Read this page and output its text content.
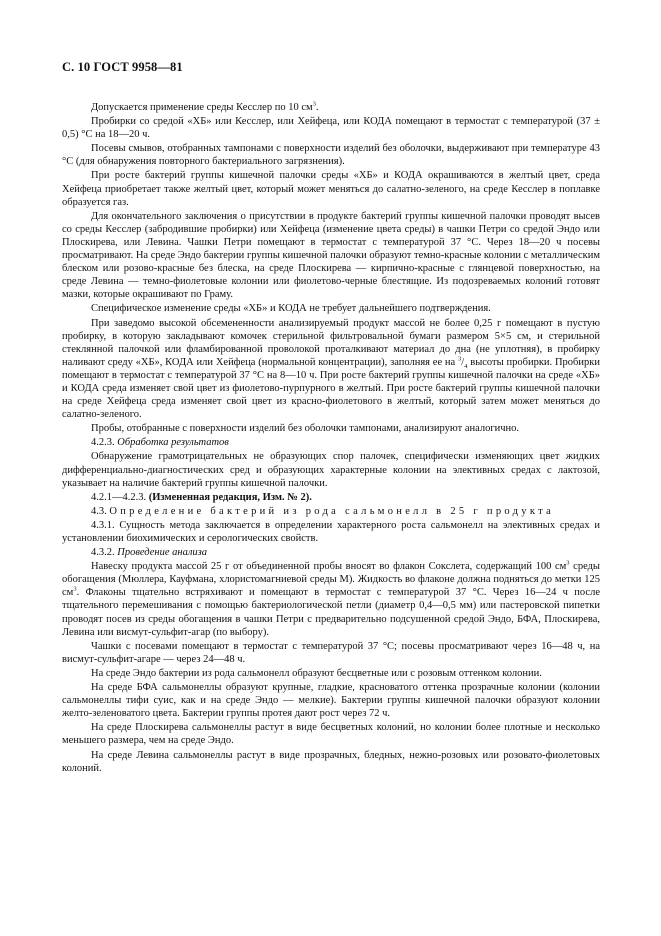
С. 10 ГОСТ 9958—81

Допускается применение среды Кесслер по 10 $см^3$.

Пробирки со средой «ХБ» или Кесслер, или Хейфеца, или КОДА помещают в термостат с температурой (37 ± 0,5) °С на 18—20 ч.

Посевы смывов, отобранных тампонами с поверхности изделий без оболочки, выдерживают при температуре 43 °С (для обнаружения повторного бактериального загрязнения).

При росте бактерий группы кишечной палочки среды «ХБ» и КОДА окрашиваются в желтый цвет, среда Хейфеца приобретает также желтый цвет, который может меняться до салатно-зеленого, на среде Кесслер в поплавке образуется газ.

Для окончательного заключения о присутствии в продукте бактерий группы кишечной палочки проводят высев со среды Кесслер (забродившие пробирки) или Хейфеца (изменение цвета среды) в чашки Петри со средой Эндо или Плоскирева, или Левина. Чашки Петри помещают в термостат с температурой 37 °С. Через 18—20 ч посевы просматривают. На среде Эндо бактерии группы кишечной палочки образуют темно-красные колонии с металлическим блеском или розово-красные без блеска, на среде Плоскирева — кирпично-красные с глянцевой поверхностью, на среде Левина — темно-фиолетовые колонии или фиолетово-черные блестящие. Из подозреваемых колоний готовят мазки, которые окрашивают по Граму.

Специфическое изменение среды «ХБ» и КОДА не требует дальнейшего подтверждения.

При заведомо высокой обсемененности анализируемый продукт массой не более 0,25 г помещают в пустую пробирку, в которую закладывают комочек стерильной фильтровальной бумаги размером 5×5 см, и стерильной стеклянной палочкой или фламбированной проволокой проталкивают материал до дна (не уплотняя), в пробирку наливают среду «ХБ», КОДА или Хейфеца (нормальной концентрации), заполняя ее на $^3/_4$ высоты пробирки. Пробирки помещают в термостат с температурой 37 °С на 8—10 ч. При росте бактерий группы кишечной палочки на среде «ХБ» и КОДА среда изменяет свой цвет из фиолетово-пурпурного в желтый. При росте бактерий группы кишечной палочки на среде Хейфеца среда изменяет свой цвет из красно-фиолетового в желтый, который затем может меняться до салатно-зеленого.

Пробы, отобранные с поверхности изделий без оболочки тампонами, анализируют аналогично.

4.2.3. Обработка результатов

Обнаружение грамотрицательных не образующих спор палочек, специфически изменяющих цвет жидких дифференциально-диагностических сред и образующих характерные колонии на элективных средах с лактозой, указывает на наличие бактерий группы кишечной палочки.

4.2.1—4.2.3. (Измененная редакция, Изм. № 2).

4.3. Определение бактерий из рода сальмонелл в 25 г продукта

4.3.1. Сущность метода заключается в определении характерного роста сальмонелл на элективных средах и установлении биохимических и серологических свойств.

4.3.2. Проведение анализа

Навеску продукта массой 25 г от объединенной пробы вносят во флакон Сокслета, содержащий 100 $см^3$ среды обогащения (Мюллера, Кауфмана, хлористомагниевой среды М). Жидкость во флаконе должна подняться до метки 125 $см^3$. Флаконы тщательно встряхивают и помещают в термостат с температурой 37 °С. Через 16—24 ч после тщательного перемешивания с помощью бактериологической петли (диаметр 0,4—0,5 мм) или пастеровской пипетки проводят посев из среды обогащения в чашки Петри с предварительно подсушенной средой Эндо, БФА, Плоскирева, Левина или висмут-сульфит-агар (по выбору).

Чашки с посевами помещают в термостат с температурой 37 °С; посевы просматривают через 16—48 ч, на висмут-сульфит-агаре — через 24—48 ч.

На среде Эндо бактерии из рода сальмонелл образуют бесцветные или с розовым оттенком колонии.

На среде БФА сальмонеллы образуют крупные, гладкие, красноватого оттенка прозрачные колонии (колонии сальмонеллы тифи суис, как и на среде Эндо — мелкие). Бактерии группы кишечной палочки образуют колонии желто-зеленоватого цвета. Бактерии группы протея дают рост через 72 ч.

На среде Плоскирева сальмонеллы растут в виде бесцветных колоний, но колонии более плотные и несколько меньшего размера, чем на среде Эндо.

На среде Левина сальмонеллы растут в виде прозрачных, бледных, нежно-розовых или розовато-фиолетовых колоний.
